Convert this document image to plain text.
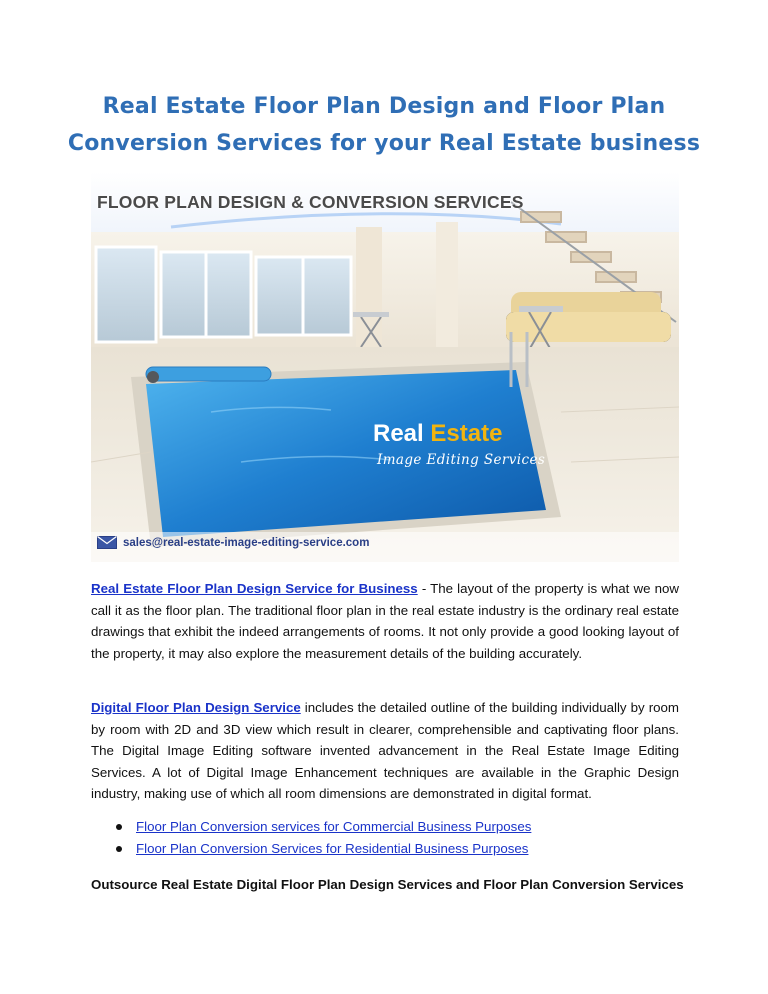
Real Estate Floor Plan Design and Floor Plan
Conversion Services for your Real Estate business
FLOOR PLAN DESIGN & CONVERSION SERVICES
Real Estate
Image Editing Services
sales@real-estate-image-editing-service.com

Real Estate Floor Plan Design Service for Business - The layout of the property is what we now call it as the floor plan. The traditional floor plan in the real estate industry is the ordinary real estate drawings that exhibit the indeed arrangements of rooms. It not only provide a good looking layout of the property, it may also explore the measurement details of the building accurately.

Digital Floor Plan Design Service includes the detailed outline of the building individually by room by room with 2D and 3D view which result in clearer, comprehensible and captivating floor plans. The Digital Image Editing software invented advancement in the Real Estate Image Editing Services. A lot of Digital Image Enhancement techniques are available in the Graphic Design industry, making use of which all room dimensions are demonstrated in digital format.

Floor Plan Conversion services for Commercial Business Purposes
Floor Plan Conversion Services for Residential Business Purposes

Outsource Real Estate Digital Floor Plan Design Services and Floor Plan Conversion Services
